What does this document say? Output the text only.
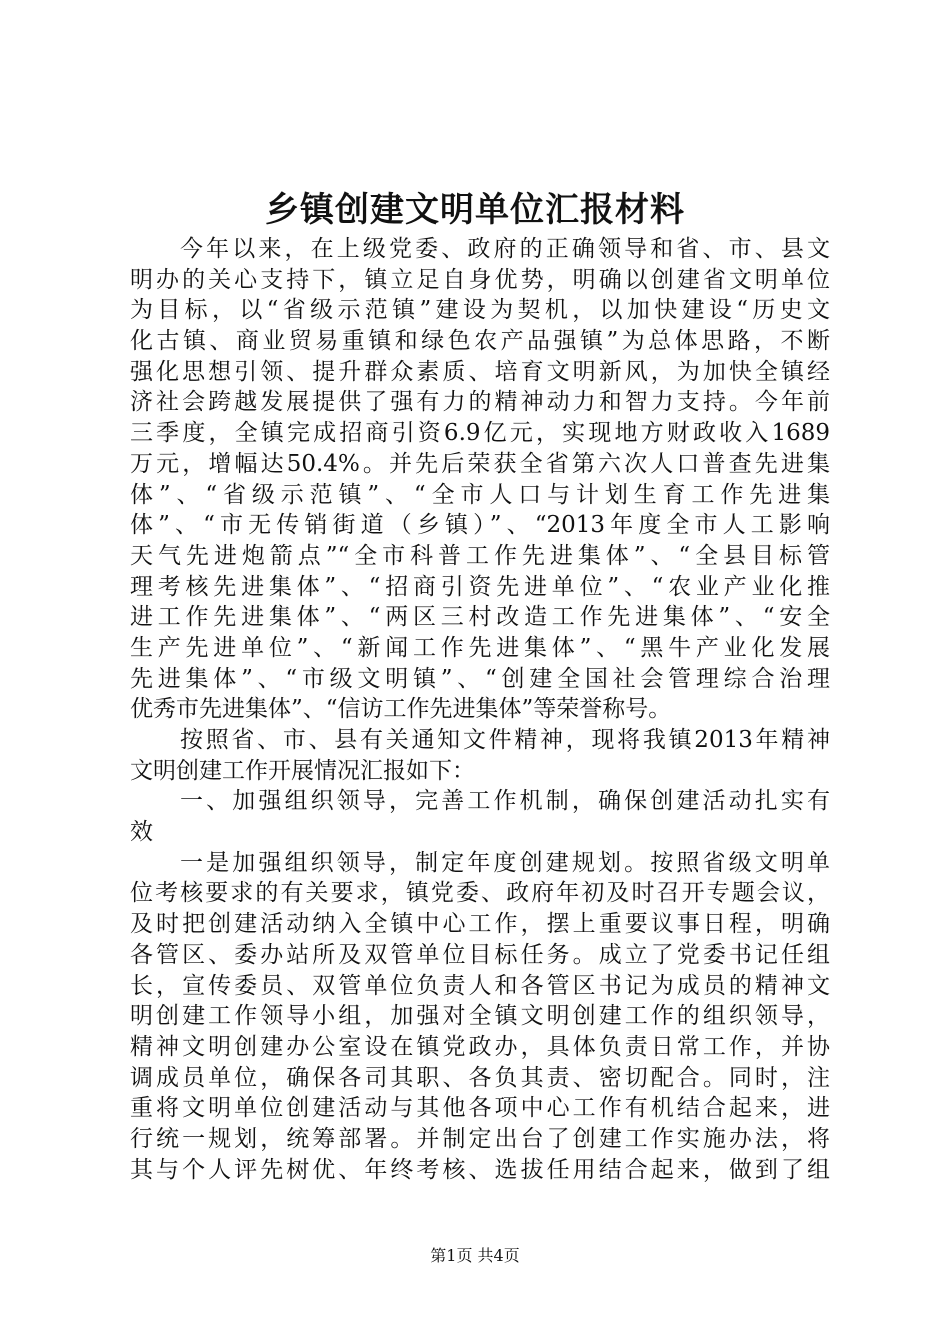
乡镇创建文明单位汇报材料
今年以来，在上级党委、政府的正确领导和省、市、县文
明办的关心支持下，镇立足自身优势，明确以创建省文明单位
为目标，以“省级示范镇”建设为契机，以加快建设“历史文
化古镇、商业贸易重镇和绿色农产品强镇”为总体思路，不断
强化思想引领、提升群众素质、培育文明新风，为加快全镇经
济社会跨越发展提供了强有力的精神动力和智力支持。今年前
三季度，全镇完成招商引资6.9亿元，实现地方财政收入1689
万元，增幅达50.4%。并先后荣获全省第六次人口普查先进集
体”、“省级示范镇”、“全市人口与计划生育工作先进集
体”、“市无传销街道（乡镇）”、“2013年度全市人工影响
天气先进炮箭点”“全市科普工作先进集体”、“全县目标管
理考核先进集体”、“招商引资先进单位”、“农业产业化推
进工作先进集体”、“两区三村改造工作先进集体”、“安全
生产先进单位”、“新闻工作先进集体”、“黑牛产业化发展
先进集体”、“市级文明镇”、“创建全国社会管理综合治理
优秀市先进集体”、“信访工作先进集体”等荣誉称号。
按照省、市、县有关通知文件精神，现将我镇2013年精神
文明创建工作开展情况汇报如下：
一、加强组织领导，完善工作机制，确保创建活动扎实有
效
一是加强组织领导，制定年度创建规划。按照省级文明单
位考核要求的有关要求，镇党委、政府年初及时召开专题会议，
及时把创建活动纳入全镇中心工作，摆上重要议事日程，明确
各管区、委办站所及双管单位目标任务。成立了党委书记任组
长，宣传委员、双管单位负责人和各管区书记为成员的精神文
明创建工作领导小组，加强对全镇文明创建工作的组织领导，
精神文明创建办公室设在镇党政办，具体负责日常工作，并协
调成员单位，确保各司其职、各负其责、密切配合。同时，注
重将文明单位创建活动与其他各项中心工作有机结合起来，进
行统一规划，统筹部署。并制定出台了创建工作实施办法，将
其与个人评先树优、年终考核、选拔任用结合起来，做到了组
第1页 共4页
